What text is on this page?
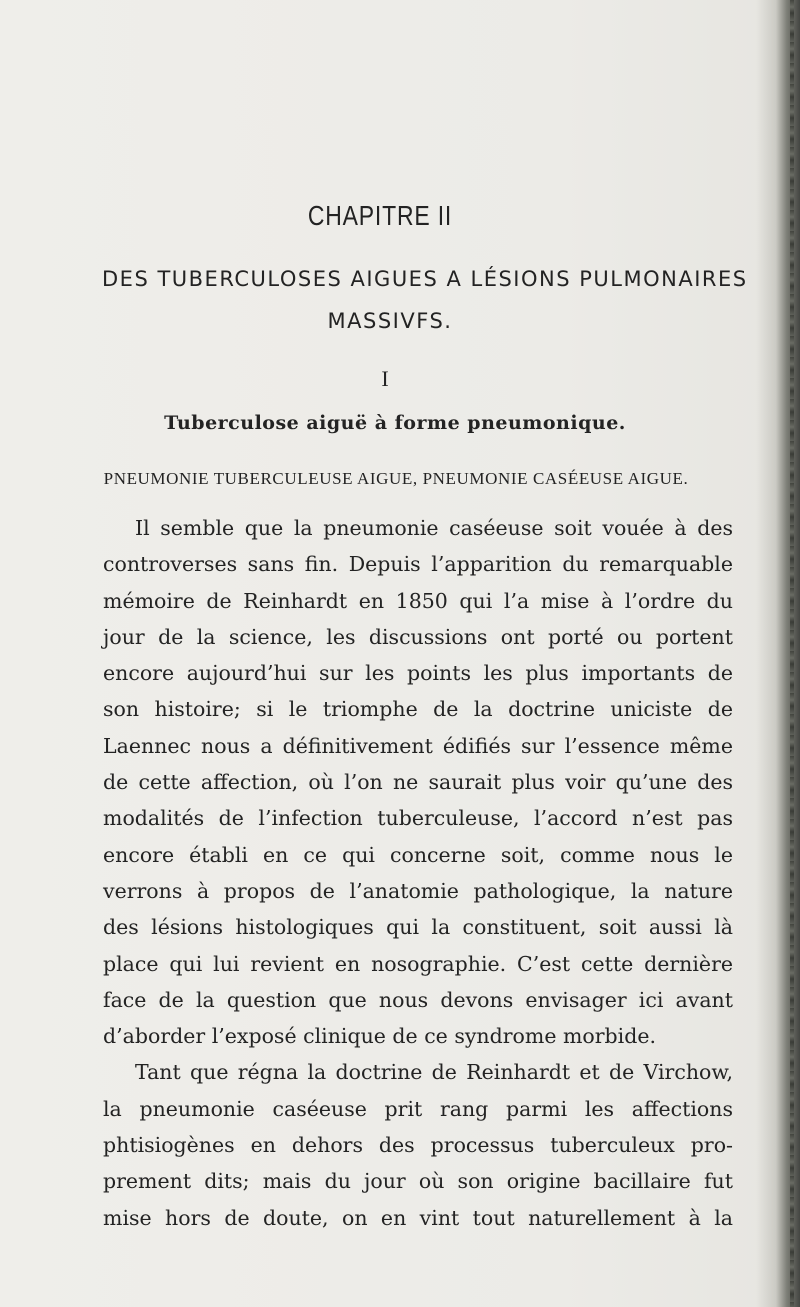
CHAPITRE II
DES TUBERCULOSES AIGUES A LÉSIONS PULMONAIRES
MASSIVFS.
I
Tuberculose aiguë à forme pneumonique.
PNEUMONIE TUBERCULEUSE AIGUE, PNEUMONIE CASÉEUSE AIGUE.
Il semble que la pneumonie caséeuse soit vouée à des
controverses sans fin. Depuis l’apparition du remarquable
mémoire de Reinhardt en 1850 qui l’a mise à l’ordre du
jour de la science, les discussions ont porté ou portent
encore aujourd’hui sur les points les plus importants de
son histoire; si le triomphe de la doctrine uniciste de
Laennec nous a définitivement édifiés sur l’essence même
de cette affection, où l’on ne saurait plus voir qu’une des
modalités de l’infection tuberculeuse, l’accord n’est pas
encore établi en ce qui concerne soit, comme nous le
verrons à propos de l’anatomie pathologique, la nature
des lésions histologiques qui la constituent, soit aussi là
place qui lui revient en nosographie. C’est cette dernière
face de la question que nous devons envisager ici avant
d’aborder l’exposé clinique de ce syndrome morbide.
Tant que régna la doctrine de Reinhardt et de Virchow,
la pneumonie caséeuse prit rang parmi les affections
phtisiogènes en dehors des processus tuberculeux pro-
prement dits; mais du jour où son origine bacillaire fut
mise hors de doute, on en vint tout naturellement à la
